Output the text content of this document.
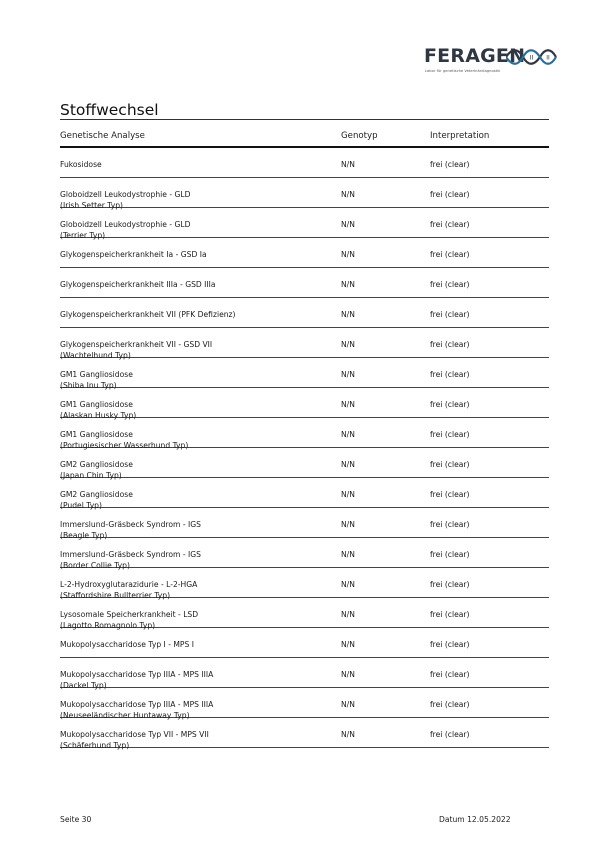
FERAGEN II II
Labor für genetische Veterinärdiagnostik
Stoffwechsel
Genetische Analyse	Genotyp	Interpretation
Fukosidose	N/N	frei (clear)
Globoidzell Leukodystrophie - GLD
(Irish Setter Typ)
N/N	frei (clear)
Globoidzell Leukodystrophie - GLD
(Terrier Typ)
N/N	frei (clear)
Glykogenspeicherkrankheit Ia - GSD Ia	N/N	frei (clear)
Glykogenspeicherkrankheit IIIa - GSD IIIa	N/N	frei (clear)
Glykogenspeicherkrankheit VII (PFK Defizienz)	N/N	frei (clear)
Glykogenspeicherkrankheit VII - GSD VII
(Wachtelhund Typ)
N/N	frei (clear)
GM1 Gangliosidose
(Shiba Inu Typ)
N/N	frei (clear)
GM1 Gangliosidose
(Alaskan Husky Typ)
N/N	frei (clear)
GM1 Gangliosidose
(Portugiesischer Wasserhund Typ)
N/N	frei (clear)
GM2 Gangliosidose
(Japan Chin Typ)
N/N	frei (clear)
GM2 Gangliosidose
(Pudel Typ)
N/N	frei (clear)
Immerslund-Gräsbeck Syndrom - IGS
(Beagle Typ)
N/N	frei (clear)
Immerslund-Gräsbeck Syndrom - IGS
(Border Collie Typ)
N/N	frei (clear)
L-2-Hydroxyglutarazidurie - L-2-HGA
(Staffordshire Bullterrier Typ)
N/N	frei (clear)
Lysosomale Speicherkrankheit - LSD
(Lagotto Romagnolo Typ)
N/N	frei (clear)
Mukopolysaccharidose Typ I - MPS I	N/N	frei (clear)
Mukopolysaccharidose Typ IIIA - MPS IIIA
(Dackel Typ)
N/N	frei (clear)
Mukopolysaccharidose Typ IIIA - MPS IIIA
(Neuseeländischer Huntaway Typ)
N/N	frei (clear)
Mukopolysaccharidose Typ VII - MPS VII
(Schäferhund Typ)
N/N	frei (clear)
Seite 30	Datum 12.05.2022
